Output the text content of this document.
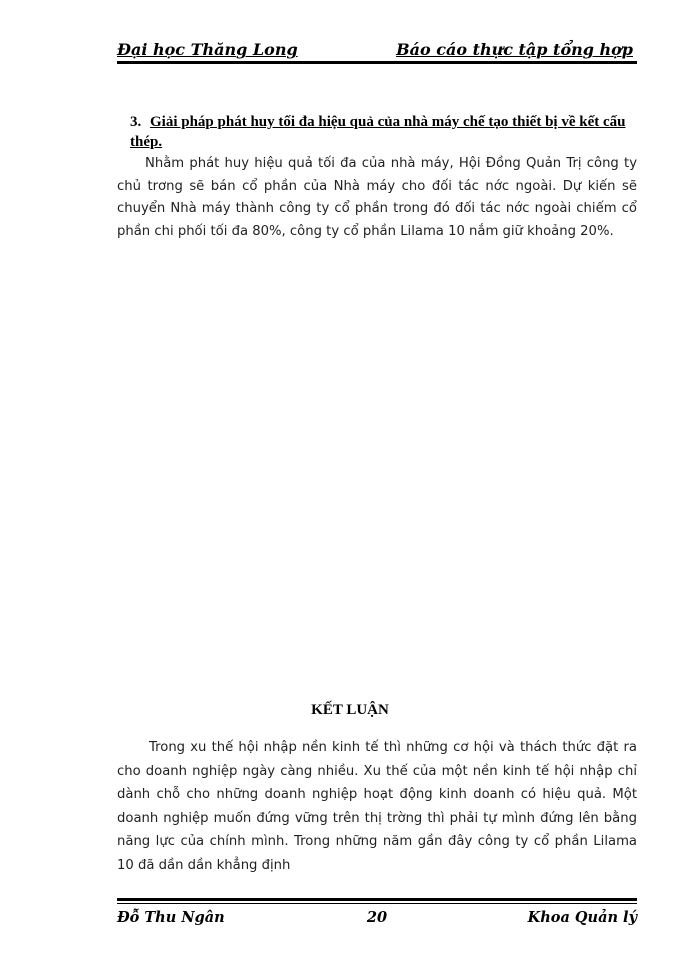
Đại học Thăng Long	Báo cáo thực tập tổng hợp
3. Giải pháp phát huy tối đa hiệu quả của nhà máy chế tạo thiết bị về kết cấu thép.
Nhằm phát huy hiệu quả tối đa của nhà máy, Hội Đồng Quản Trị công ty chủ trơng sẽ bán cổ phần của Nhà máy cho đối tác nớc ngoài. Dự kiến sẽ chuyển Nhà máy thành công ty cổ phần trong đó đối tác nớc ngoài chiếm cổ phần chi phối tối đa 80%, công ty cổ phần Lilama 10 nắm giữ khoảng 20%.
KẾT LUẬN
Trong xu thế hội nhập nền kinh tế thì những cơ hội và thách thức đặt ra cho doanh nghiệp ngày càng nhiều. Xu thế của một nền kinh tế hội nhập chỉ dành chỗ cho những doanh nghiệp hoạt động kinh doanh có hiệu quả. Một doanh nghiệp muốn đứng vững trên thị trờng thì phải tự mình đứng lên bằng năng lực của chính mình. Trong những năm gần đây công ty cổ phần Lilama 10 đã dần dần khẳng định
Đỗ Thu Ngân	20	Khoa Quản lý
